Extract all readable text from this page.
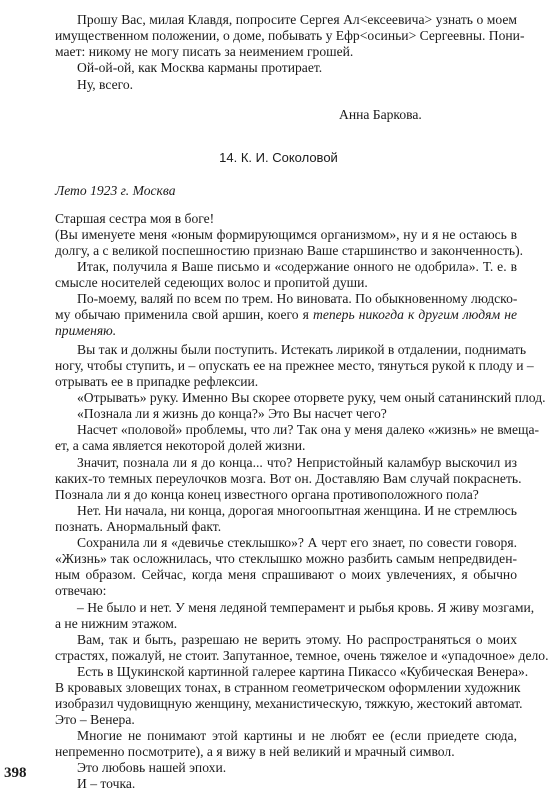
Прошу Вас, милая Клавдя, попросите Сергея Ал<ексеевича> узнать о моем
имущественном положении, о доме, побывать у Ефр<осиньи> Сергеевны. Пони-
мает: никому не могу писать за неимением грошей.
Ой-ой-ой, как Москва карманы протирает.
Ну, всего.
Анна Баркова.
14. К. И. Соколовой
Лето 1923 г. Москва
Старшая сестра моя в боге!
(Вы именуете меня «юным формирующимся организмом», ну и я не остаюсь в
долгу, а с великой поспешностию признаю Ваше старшинство и законченность).
Итак, получила я Ваше письмо и «содержание онного не одобрила». Т. е. в
смысле носителей седеющих волос и пропитой души.
По-моему, валяй по всем по трем. Но виновата. По обыкновенному людско-
му обычаю применила свой аршин, коего я теперь никогда к другим людям не
применяю.
Вы так и должны были поступить. Истекать лирикой в отдалении, поднимать
ногу, чтобы ступить, и – опускать ее на прежнее место, тянуться рукой к плоду и –
отрывать ее в припадке рефлексии.
«Отрывать» руку. Именно Вы скорее оторвете руку, чем оный сатанинский плод.
«Познала ли я жизнь до конца?» Это Вы насчет чего?
Насчет «половой» проблемы, что ли? Так она у меня далеко «жизнь» не вмеща-
ет, а сама является некоторой долей жизни.
Значит, познала ли я до конца... что? Непристойный каламбур выскочил из
каких-то темных переулочков мозга. Вот он. Доставляю Вам случай покраснеть.
Познала ли я до конца конец известного органа противоположного пола?
Нет. Ни начала, ни конца, дорогая многоопытная женщина. И не стремлюсь
познать. Анормальный факт.
Сохранила ли я «девичье стеклышко»? А черт его знает, по совести говоря.
«Жизнь» так осложнилась, что стеклышко можно разбить самым непредвиден-
ным образом. Сейчас, когда меня спрашивают о моих увлечениях, я обычно
отвечаю:
– Не было и нет. У меня ледяной темперамент и рыбья кровь. Я живу мозгами,
а не нижним этажом.
Вам, так и быть, разрешаю не верить этому. Но распространяться о моих
страстях, пожалуй, не стоит. Запутанное, темное, очень тяжелое и «упадочное» дело.
Есть в Щукинской картинной галерее картина Пикассо «Кубическая Венера».
В кровавых зловещих тонах, в странном геометрическом оформлении художник
изобразил чудовищную женщину, механистическую, тяжкую, жестокий автомат.
Это – Венера.
Многие не понимают этой картины и не любят ее (если приедете сюда,
непременно посмотрите), а я вижу в ней великий и мрачный символ.
Это любовь нашей эпохи.
И – точка.
398
